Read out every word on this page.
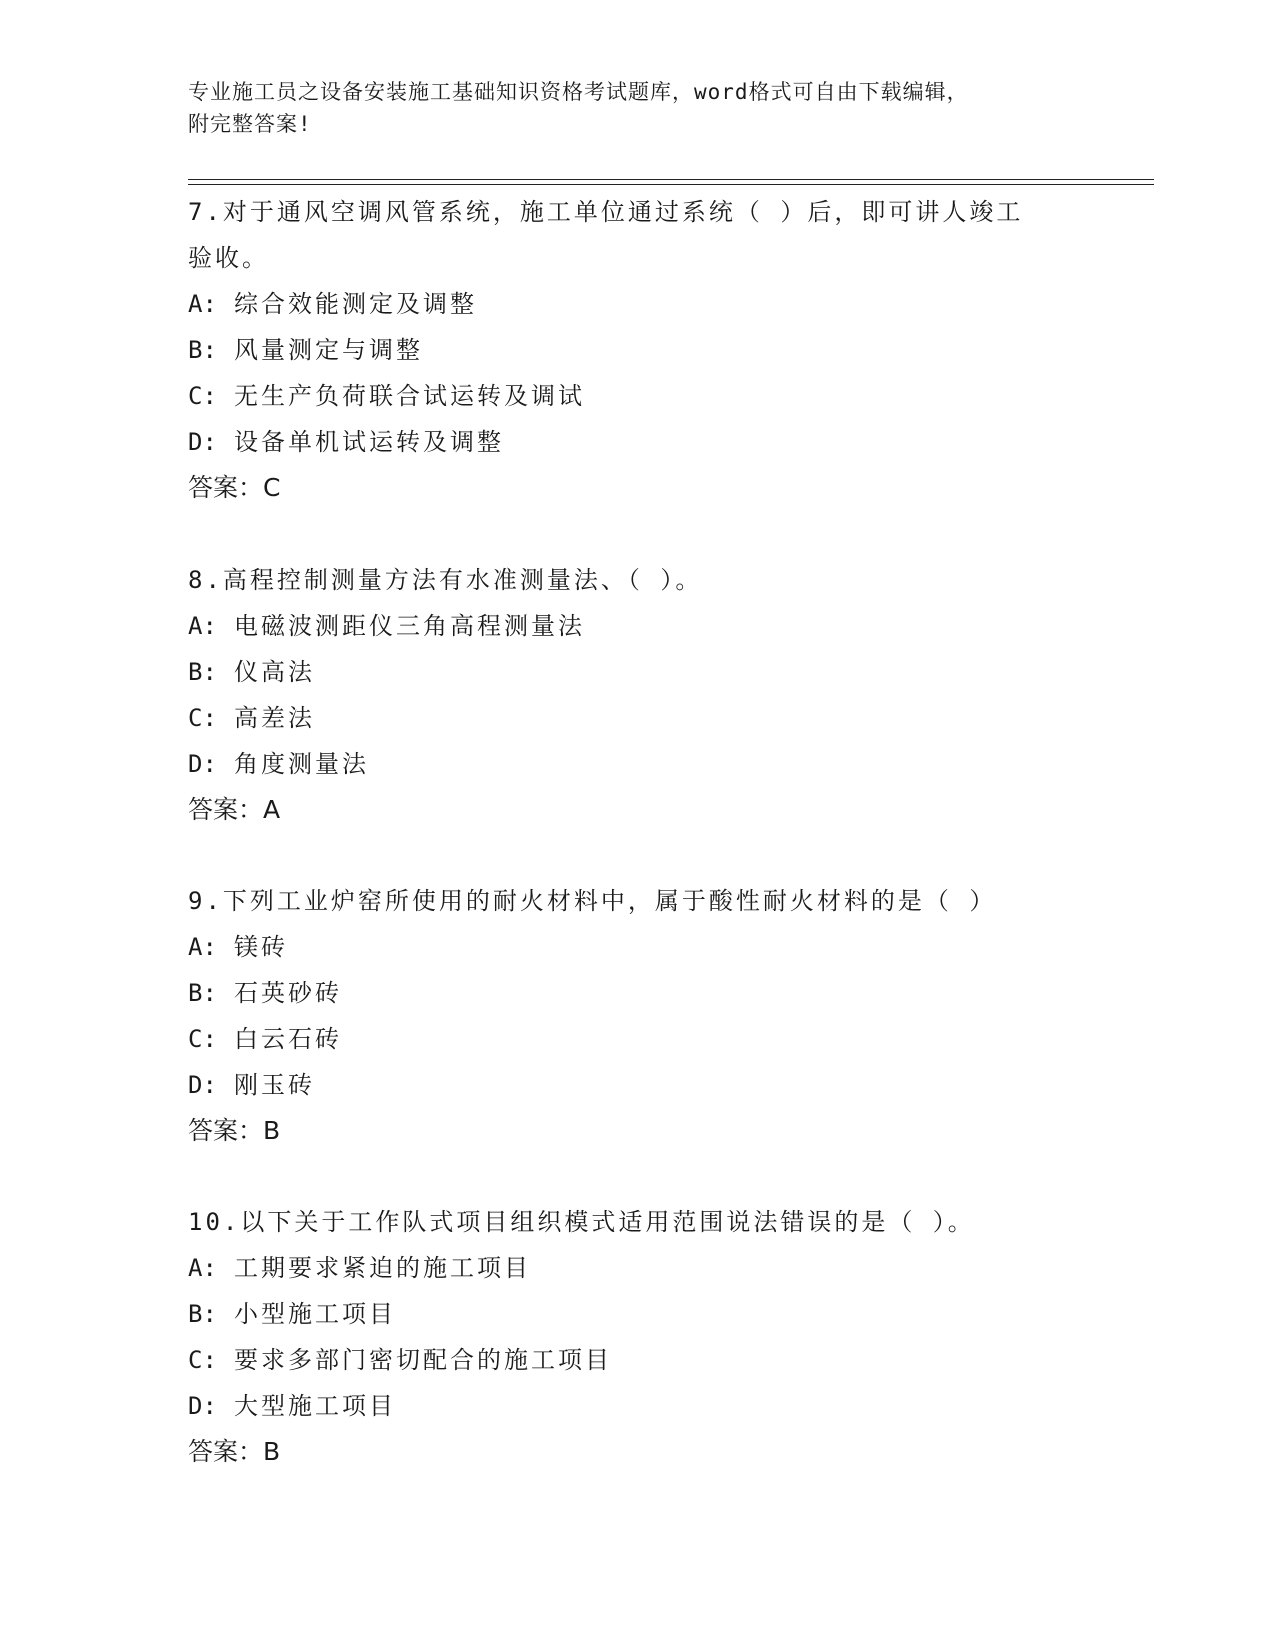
专业施工员之设备安装施工基础知识资格考试题库，word格式可自由下载编辑，
附完整答案!

7.对于通风空调风管系统，施工单位通过系统（ ）后，即可讲人竣工

验收。

A: 综合效能测定及调整

B: 风量测定与调整

C: 无生产负荷联合试运转及调试

D: 设备单机试运转及调整

答案：C

8.高程控制测量方法有水准测量法、（ ）。

A: 电磁波测距仪三角高程测量法

B: 仪高法

C: 高差法

D: 角度测量法

答案：A

9.下列工业炉窑所使用的耐火材料中，属于酸性耐火材料的是（ ）

A: 镁砖

B: 石英砂砖

C: 白云石砖

D: 刚玉砖

答案：B

10.以下关于工作队式项目组织模式适用范围说法错误的是（ ）。

A: 工期要求紧迫的施工项目

B: 小型施工项目

C: 要求多部门密切配合的施工项目

D: 大型施工项目

答案：B
